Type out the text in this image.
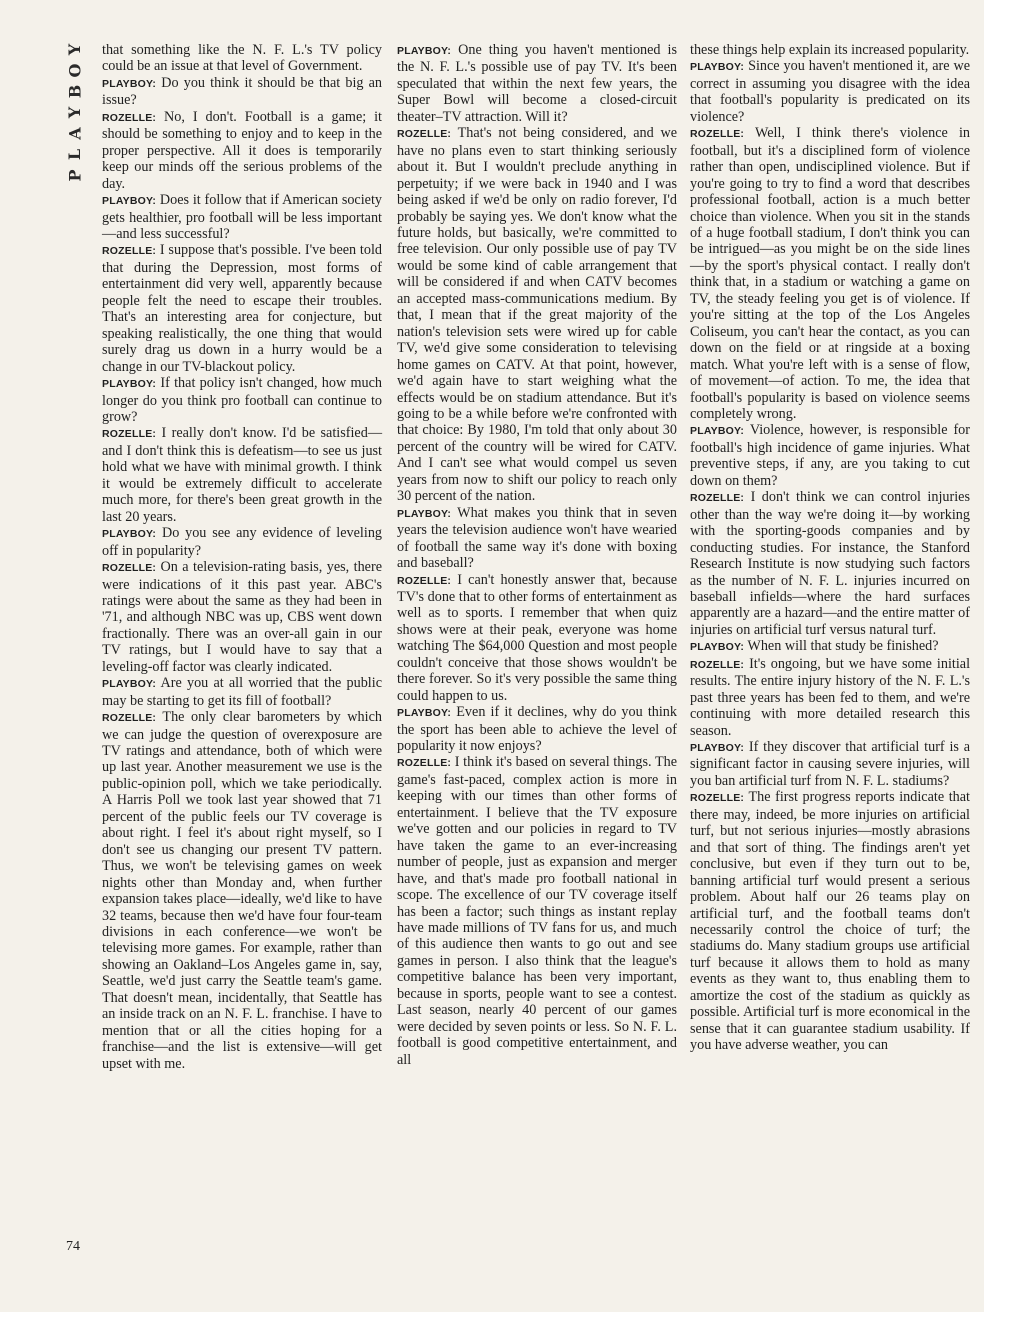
Y
O
B
Y
A
L
P

that something like the N. F. L.'s TV policy could be an issue at that level of Government.

PLAYBOY: Do you think it should be that big an issue?

ROZELLE: No, I don't. Football is a game; it should be something to enjoy and to keep in the proper perspective. All it does is temporarily keep our minds off the serious problems of the day.

PLAYBOY: Does it follow that if American society gets healthier, pro football will be less important—and less successful?

ROZELLE: I suppose that's possible. I've been told that during the Depression, most forms of entertainment did very well, apparently because people felt the need to escape their troubles. That's an interesting area for conjecture, but speaking realistically, the one thing that would surely drag us down in a hurry would be a change in our TV-blackout policy.

PLAYBOY: If that policy isn't changed, how much longer do you think pro football can continue to grow?

ROZELLE: I really don't know. I'd be satisfied—and I don't think this is defeatism—to see us just hold what we have with minimal growth. I think it would be extremely difficult to accelerate much more, for there's been great growth in the last 20 years.

PLAYBOY: Do you see any evidence of leveling off in popularity?

ROZELLE: On a television-rating basis, yes, there were indications of it this past year. ABC's ratings were about the same as they had been in '71, and although NBC was up, CBS went down fractionally. There was an over-all gain in our TV ratings, but I would have to say that a leveling-off factor was clearly indicated.

PLAYBOY: Are you at all worried that the public may be starting to get its fill of football?

ROZELLE: The only clear barometers by which we can judge the question of overexposure are TV ratings and attendance, both of which were up last year. Another measurement we use is the public-opinion poll, which we take periodically. A Harris Poll we took last year showed that 71 percent of the public feels our TV coverage is about right. I feel it's about right myself, so I don't see us changing our present TV pattern. Thus, we won't be televising games on week nights other than Monday and, when further expansion takes place—ideally, we'd like to have 32 teams, because then we'd have four four-team divisions in each conference—we won't be televising more games. For example, rather than showing an Oakland–Los Angeles game in, say, Seattle, we'd just carry the Seattle team's game. That doesn't mean, incidentally, that Seattle has an inside track on an N. F. L. franchise. I have to mention that or all the cities hoping for a franchise—and the list is extensive—will get upset with me.

PLAYBOY: One thing you haven't mentioned is the N. F. L.'s possible use of pay TV. It's been speculated that within the next few years, the Super Bowl will become a closed-circuit theater–TV attraction. Will it?

ROZELLE: That's not being considered, and we have no plans even to start thinking seriously about it. But I wouldn't preclude anything in perpetuity; if we were back in 1940 and I was being asked if we'd be only on radio forever, I'd probably be saying yes. We don't know what the future holds, but basically, we're committed to free television. Our only possible use of pay TV would be some kind of cable arrangement that will be considered if and when CATV becomes an accepted mass-communications medium. By that, I mean that if the great majority of the nation's television sets were wired up for cable TV, we'd give some consideration to televising home games on CATV. At that point, however, we'd again have to start weighing what the effects would be on stadium attendance. But it's going to be a while before we're confronted with that choice: By 1980, I'm told that only about 30 percent of the country will be wired for CATV. And I can't see what would compel us seven years from now to shift our policy to reach only 30 percent of the nation.

PLAYBOY: What makes you think that in seven years the television audience won't have wearied of football the same way it's done with boxing and baseball?

ROZELLE: I can't honestly answer that, because TV's done that to other forms of entertainment as well as to sports. I remember that when quiz shows were at their peak, everyone was home watching The $64,000 Question and most people couldn't conceive that those shows wouldn't be there forever. So it's very possible the same thing could happen to us.

PLAYBOY: Even if it declines, why do you think the sport has been able to achieve the level of popularity it now enjoys?

ROZELLE: I think it's based on several things. The game's fast-paced, complex action is more in keeping with our times than other forms of entertainment. I believe that the TV exposure we've gotten and our policies in regard to TV have taken the game to an ever-increasing number of people, just as expansion and merger have, and that's made pro football national in scope. The excellence of our TV coverage itself has been a factor; such things as instant replay have made millions of TV fans for us, and much of this audience then wants to go out and see games in person. I also think that the league's competitive balance has been very important, because in sports, people want to see a contest. Last season, nearly 40 percent of our games were decided by seven points or less. So N. F. L. football is good competitive entertainment, and all

these things help explain its increased popularity.

PLAYBOY: Since you haven't mentioned it, are we correct in assuming you disagree with the idea that football's popularity is predicated on its violence?

ROZELLE: Well, I think there's violence in football, but it's a disciplined form of violence rather than open, undisciplined violence. But if you're going to try to find a word that describes professional football, action is a much better choice than violence. When you sit in the stands of a huge football stadium, I don't think you can be intrigued—as you might be on the side lines—by the sport's physical contact. I really don't think that, in a stadium or watching a game on TV, the steady feeling you get is of violence. If you're sitting at the top of the Los Angeles Coliseum, you can't hear the contact, as you can down on the field or at ringside at a boxing match. What you're left with is a sense of flow, of movement—of action. To me, the idea that football's popularity is based on violence seems completely wrong.

PLAYBOY: Violence, however, is responsible for football's high incidence of game injuries. What preventive steps, if any, are you taking to cut down on them?

ROZELLE: I don't think we can control injuries other than the way we're doing it—by working with the sporting-goods companies and by conducting studies. For instance, the Stanford Research Institute is now studying such factors as the number of N. F. L. injuries incurred on baseball infields—where the hard surfaces apparently are a hazard—and the entire matter of injuries on artificial turf versus natural turf.

PLAYBOY: When will that study be finished?

ROZELLE: It's ongoing, but we have some initial results. The entire injury history of the N. F. L.'s past three years has been fed to them, and we're continuing with more detailed research this season.

PLAYBOY: If they discover that artificial turf is a significant factor in causing severe injuries, will you ban artificial turf from N. F. L. stadiums?

ROZELLE: The first progress reports indicate that there may, indeed, be more injuries on artificial turf, but not serious injuries—mostly abrasions and that sort of thing. The findings aren't yet conclusive, but even if they turn out to be, banning artificial turf would present a serious problem. About half our 26 teams play on artificial turf, and the football teams don't necessarily control the choice of turf; the stadiums do. Many stadium groups use artificial turf because it allows them to hold as many events as they want to, thus enabling them to amortize the cost of the stadium as quickly as possible. Artificial turf is more economical in the sense that it can guarantee stadium usability. If you have adverse weather, you can

74
